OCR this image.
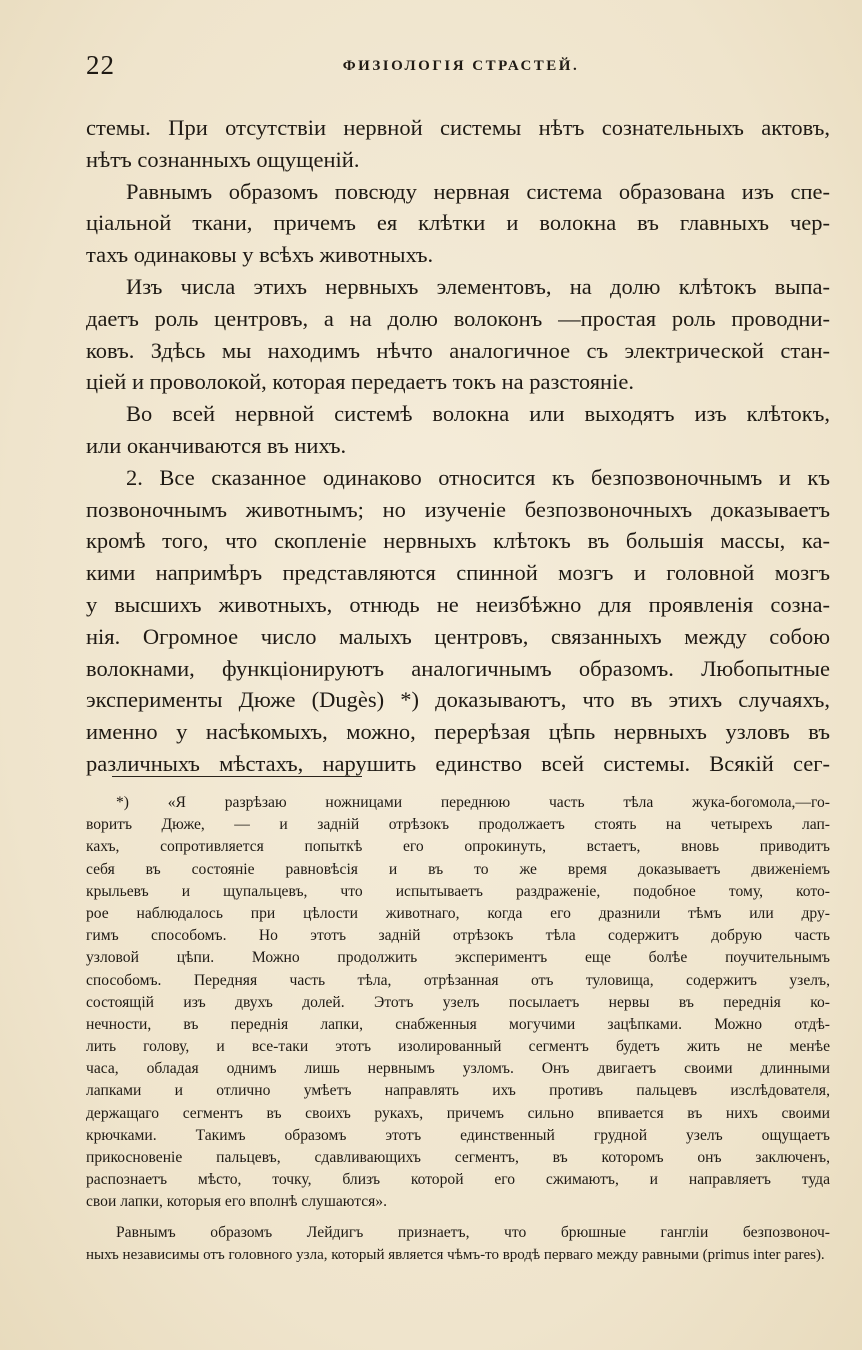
22	ФИЗІОЛОГІЯ СТРАСТЕЙ.
стемы. При отсутствіи нервной системы нѣтъ сознательныхъ актовъ,
нѣтъ сознанныхъ ощущеній.
Равнымъ образомъ повсюду нервная система образована изъ спе-
ціальной ткани, причемъ ея клѣтки и волокна въ главныхъ чер-
тахъ одинаковы у всѣхъ животныхъ.
Изъ числа этихъ нервныхъ элементовъ, на долю клѣтокъ выпа-
даетъ роль центровъ, а на долю волоконъ —простая роль проводни-
ковъ. Здѣсь мы находимъ нѣчто аналогичное съ электрической стан-
ціей и проволокой, которая передаетъ токъ на разстояніе.
Во всей нервной системѣ волокна или выходятъ изъ клѣтокъ,
или оканчиваются въ нихъ.
2. Все сказанное одинаково относится къ безпозвоночнымъ и къ
позвоночнымъ животнымъ; но изученіе безпозвоночныхъ доказываетъ
кромѣ того, что скопленіе нервныхъ клѣтокъ въ большія массы, ка-
кими напримѣръ представляются спинной мозгъ и головной мозгъ
у высшихъ животныхъ, отнюдь не неизбѣжно для проявленія созна-
нія. Огромное число малыхъ центровъ, связанныхъ между собою
волокнами, функціонируютъ аналогичнымъ образомъ. Любопытные
эксперименты Дюже (Dugès) *) доказываютъ, что въ этихъ случаяхъ,
именно у насѣкомыхъ, можно, перерѣзая цѣпь нервныхъ узловъ въ
различныхъ мѣстахъ, нарушить единство всей системы. Всякій сег-
*) «Я разрѣзаю ножницами переднюю часть тѣла жука-богомола,—го-
воритъ Дюже, — и задній отрѣзокъ продолжаетъ стоять на четырехъ лап-
кахъ, сопротивляется попыткѣ его опрокинуть, встаетъ, вновь приводитъ
себя въ состояніе равновѣсія и въ то же время доказываетъ движеніемъ
крыльевъ и щупальцевъ, что испытываетъ раздраженіе, подобное тому, кото-
рое наблюдалось при цѣлости животнаго, когда его дразнили тѣмъ или дру-
гимъ способомъ. Но этотъ задній отрѣзокъ тѣла содержитъ добрую часть
узловой цѣпи. Можно продолжить экспериментъ еще болѣе поучительнымъ
способомъ. Передняя часть тѣла, отрѣзанная отъ туловища, содержитъ узелъ,
состоящій изъ двухъ долей. Этотъ узелъ посылаетъ нервы въ переднія ко-
нечности, въ переднія лапки, снабженныя могучими зацѣпками. Можно отдѣ-
лить голову, и все-таки этотъ изолированный сегментъ будетъ жить не менѣе
часа, обладая однимъ лишь нервнымъ узломъ. Онъ двигаетъ своими длинными
лапками и отлично умѣетъ направлять ихъ противъ пальцевъ изслѣдователя,
держащаго сегментъ въ своихъ рукахъ, причемъ сильно впивается въ нихъ своими
крючками. Такимъ образомъ этотъ единственный грудной узелъ ощущаетъ
прикосновеніе пальцевъ, сдавливающихъ сегментъ, въ которомъ онъ заключенъ,
распознаетъ мѣсто, точку, близъ которой его сжимаютъ, и направляетъ туда
свои лапки, которыя его вполнѣ слушаются».
Равнымъ образомъ Лейдигъ признаетъ, что брюшные гангліи безпозвоноч-
ныхъ независимы отъ головного узла, который является чѣмъ-то вродѣ перваго между равными (primus inter pares).
